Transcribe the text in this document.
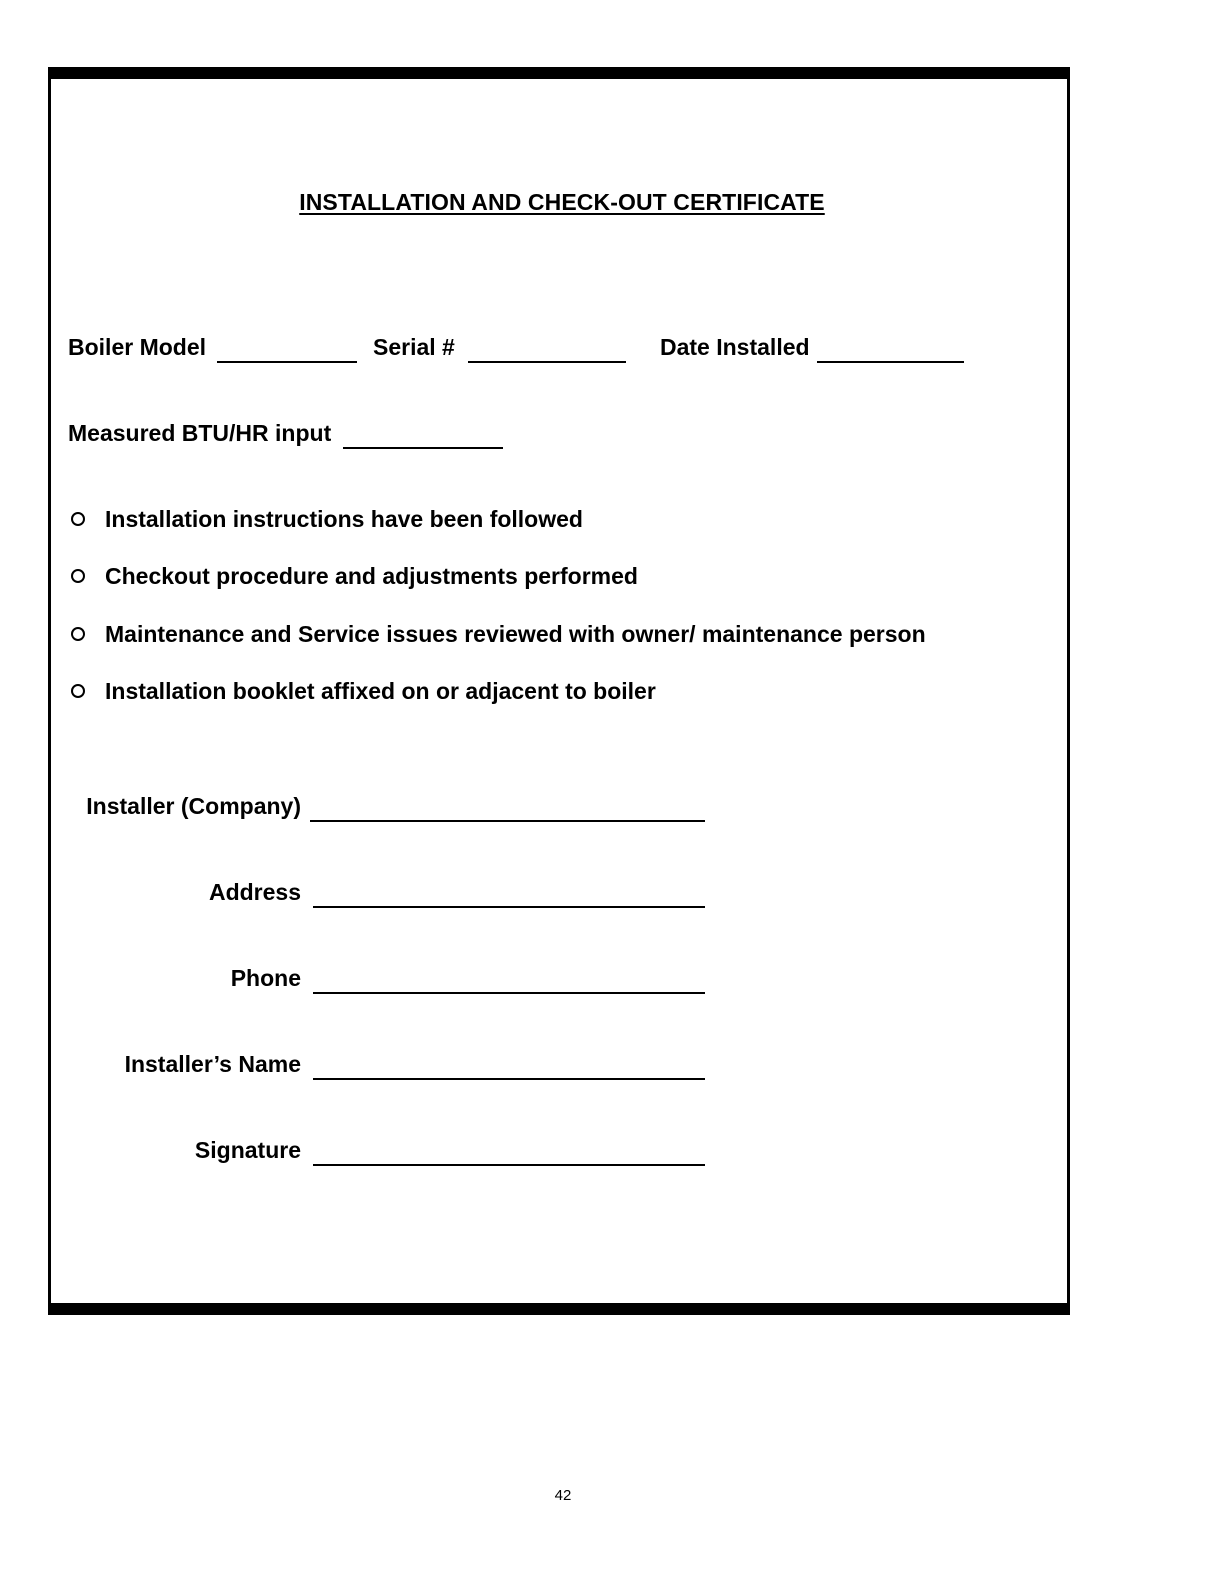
INSTALLATION AND CHECK-OUT CERTIFICATE
Boiler Model	Serial #	Date Installed
Measured BTU/HR input
Installation instructions have been followed
Checkout procedure and adjustments performed
Maintenance and Service issues reviewed with owner/ maintenance person
Installation booklet affixed on or adjacent to boiler
Installer (Company)
Address
Phone
Installer’s Name
Signature
42
